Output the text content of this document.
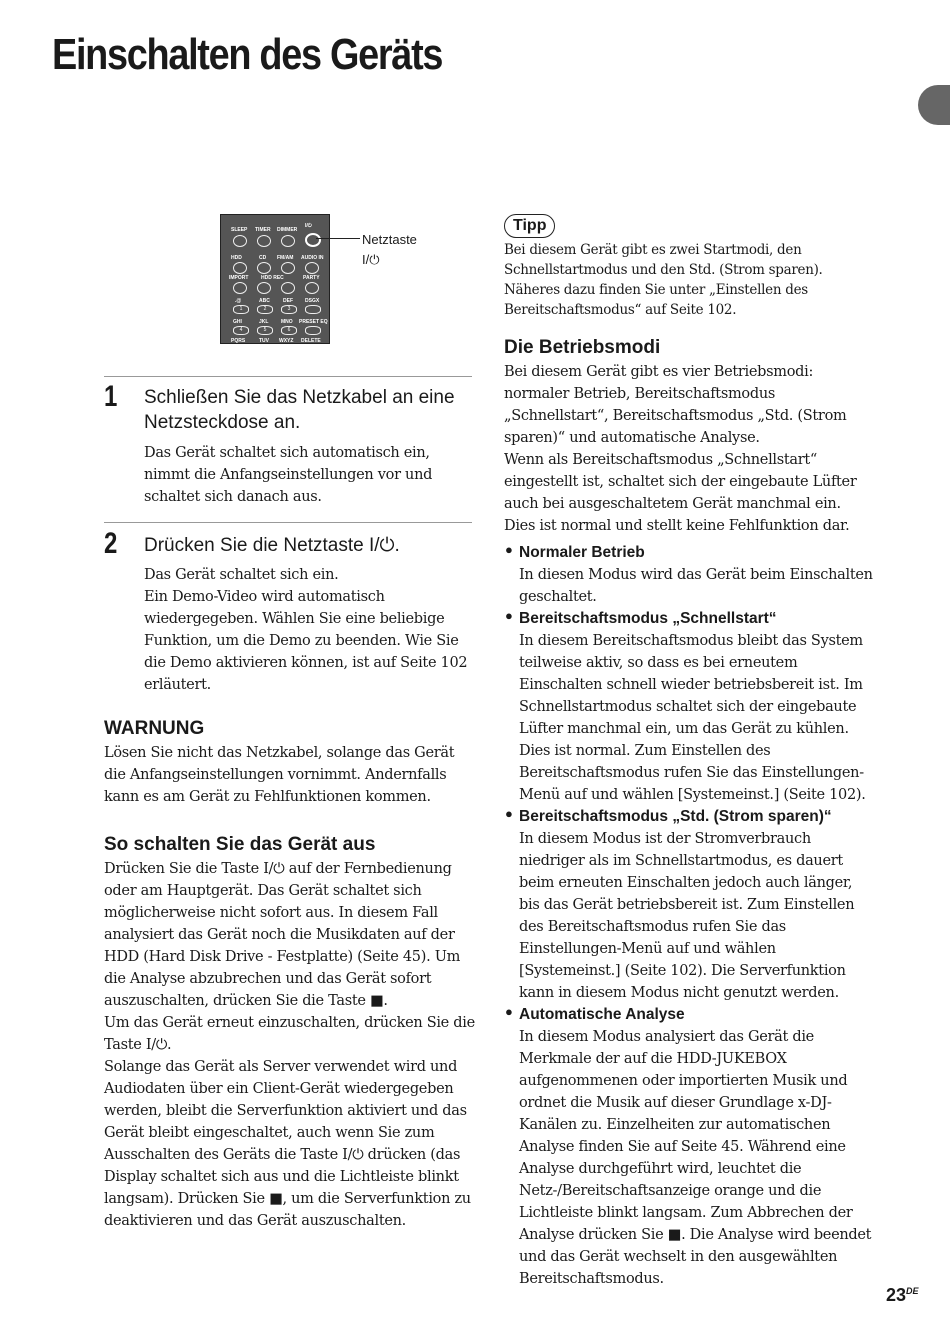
Einschalten des Geräts
SLEEP TIMER DIMMER
I/⏻
HDD	CD FM/AM AUDIO IN
IMPORT	HDD REC	PARTY
.@	ABC	DEF DSGX
1	2	3
GHI	JKL	MNO PRESET EQ
4	5	6
PQRS	TUV WXYZ DELETE
Netztaste
I/⏻
1 Schließen Sie das Netzkabel an eine Netzsteckdose an.

Das Gerät schaltet sich automatisch ein, nimmt die Anfangseinstellungen vor und schaltet sich danach aus.

2 Drücken Sie die Netztaste I/⏻.

Das Gerät schaltet sich ein.
Ein Demo-Video wird automatisch wiedergegeben. Wählen Sie eine beliebige Funktion, um die Demo zu beenden. Wie Sie die Demo aktivieren können, ist auf Seite 102 erläutert.

WARNUNG

Lösen Sie nicht das Netzkabel, solange das Gerät die Anfangseinstellungen vornimmt. Andernfalls kann es am Gerät zu Fehlfunktionen kommen.

So schalten Sie das Gerät aus

Drücken Sie die Taste I/⏻ auf der Fernbedienung oder am Hauptgerät. Das Gerät schaltet sich möglicherweise nicht sofort aus. In diesem Fall analysiert das Gerät noch die Musikdaten auf der HDD (Hard Disk Drive - Festplatte) (Seite 45). Um die Analyse abzubrechen und das Gerät sofort auszuschalten, drücken Sie die Taste ■.
Um das Gerät erneut einzuschalten, drücken Sie die Taste I/⏻.
Solange das Gerät als Server verwendet wird und Audiodaten über ein Client-Gerät wiedergegeben werden, bleibt die Serverfunktion aktiviert und das Gerät bleibt eingeschaltet, auch wenn Sie zum Ausschalten des Geräts die Taste I/⏻ drücken (das Display schaltet sich aus und die Lichtleiste blinkt langsam). Drücken Sie ■, um die Serverfunktion zu deaktivieren und das Gerät auszuschalten.

Tipp

Bei diesem Gerät gibt es zwei Startmodi, den Schnellstartmodus und den Std. (Strom sparen). Näheres dazu finden Sie unter „Einstellen des Bereitschaftsmodus“ auf Seite 102.

Die Betriebsmodi

Bei diesem Gerät gibt es vier Betriebsmodi: normaler Betrieb, Bereitschaftsmodus „Schnellstart“, Bereitschaftsmodus „Std. (Strom sparen)“ und automatische Analyse.
Wenn als Bereitschaftsmodus „Schnellstart“ eingestellt ist, schaltet sich der eingebaute Lüfter auch bei ausgeschaltetem Gerät manchmal ein. Dies ist normal und stellt keine Fehlfunktion dar.

● Normaler Betrieb

In diesen Modus wird das Gerät beim Einschalten geschaltet.

● Bereitschaftsmodus „Schnellstart“

In diesem Bereitschaftsmodus bleibt das System teilweise aktiv, so dass es bei erneutem Einschalten schnell wieder betriebsbereit ist. Im Schnellstartmodus schaltet sich der eingebaute Lüfter manchmal ein, um das Gerät zu kühlen. Dies ist normal. Zum Einstellen des Bereitschaftsmodus rufen Sie das Einstellungen-Menü auf und wählen [Systemeinst.] (Seite 102).

● Bereitschaftsmodus „Std. (Strom sparen)“

In diesem Modus ist der Stromverbrauch niedriger als im Schnellstartmodus, es dauert beim erneuten Einschalten jedoch auch länger, bis das Gerät betriebsbereit ist. Zum Einstellen des Bereitschaftsmodus rufen Sie das Einstellungen-Menü auf und wählen [Systemeinst.] (Seite 102). Die Serverfunktion kann in diesem Modus nicht genutzt werden.

● Automatische Analyse

In diesem Modus analysiert das Gerät die Merkmale der auf die HDD-JUKEBOX aufgenommenen oder importierten Musik und ordnet die Musik auf dieser Grundlage x-DJ-Kanälen zu. Einzelheiten zur automatischen Analyse finden Sie auf Seite 45. Während eine Analyse durchgeführt wird, leuchtet die Netz-/Bereitschaftsanzeige orange und die Lichtleiste blinkt langsam. Zum Abbrechen der Analyse drücken Sie ■. Die Analyse wird beendet und das Gerät wechselt in den ausgewählten Bereitschaftsmodus.

23DE
